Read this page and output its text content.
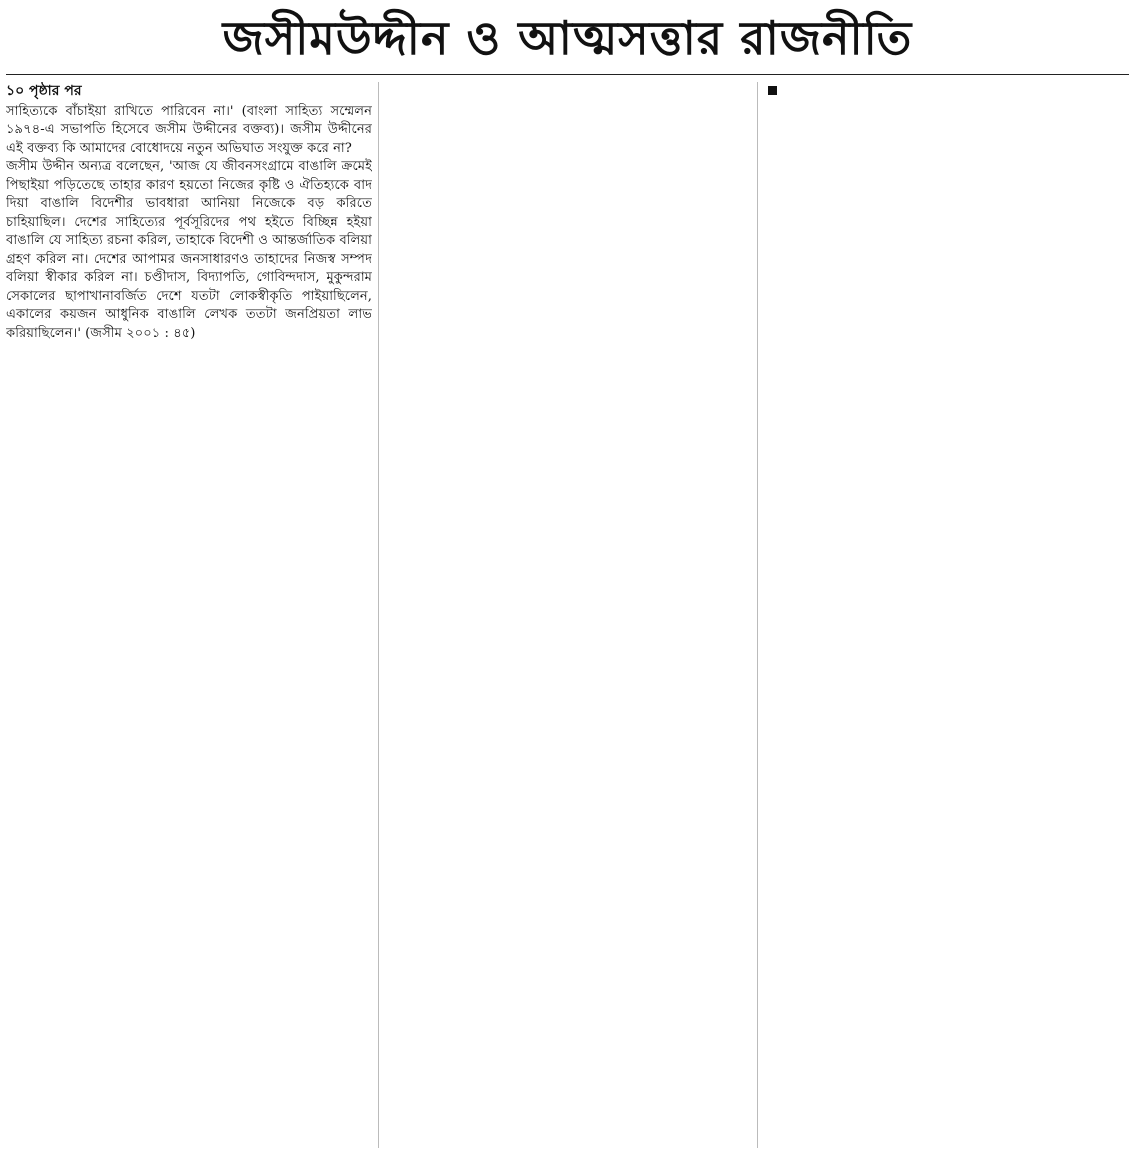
জসীমউদ্দীন ও আত্মসত্তার রাজনীতি

১০ পৃষ্ঠার পর

সাহিত্যকে বাঁচাইয়া রাখিতে পারিবেন না।' (বাংলা সাহিত্য সম্মেলন ১৯৭৪-এ সভাপতি হিসেবে জসীম উদ্দীনের বক্তব্য)। জসীম উদ্দীনের এই বক্তব্য কি আমাদের বোধোদয়ে নতুন অভিঘাত সংযুক্ত করে না?

জসীম উদ্দীন অন্যত্র বলেছেন, 'আজ যে জীবনসংগ্রামে বাঙালি ক্রমেই পিছাইয়া পড়িতেছে তাহার কারণ হয়তো নিজের কৃষ্টি ও ঐতিহ্যকে বাদ দিয়া বাঙালি বিদেশীর ভাবধারা আনিয়া নিজেকে বড় করিতে চাহিয়াছিল। দেশের সাহিত্যের পূর্বসূরিদের পথ হইতে বিচ্ছিন্ন হইয়া বাঙালি যে সাহিত্য রচনা করিল, তাহাকে বিদেশী ও আন্তর্জাতিক বলিয়া গ্রহণ করিল না। দেশের আপামর জনসাধারণও তাহাদের নিজস্ব সম্পদ বলিয়া স্বীকার করিল না। চণ্ডীদাস, বিদ্যাপতি, গোবিন্দদাস, মুকুন্দরাম সেকালের ছাপাখানাবর্জিত দেশে যতটা লোকস্বীকৃতি পাইয়াছিলেন, একালের কয়জন আধুনিক বাঙালি লেখক ততটা জনপ্রিয়তা লাভ করিয়াছিলেন।' (জসীম ২০০১ : ৪৫)
